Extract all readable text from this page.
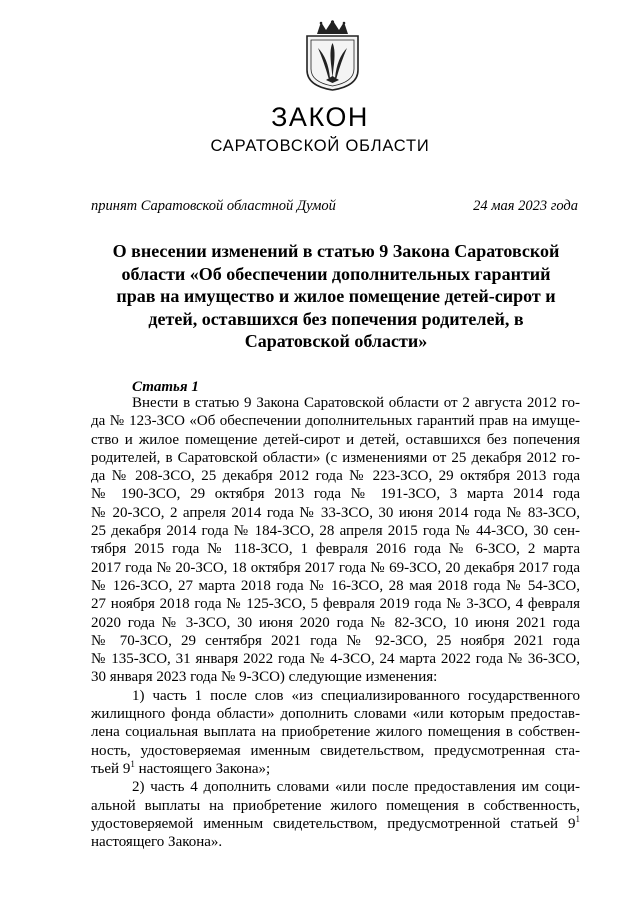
ЗАКОН
САРАТОВСКОЙ ОБЛАСТИ
принят Саратовской областной Думой	24 мая 2023 года
О внесении изменений в статью 9 Закона Саратовской
области «Об обеспечении дополнительных гарантий
прав на имущество и жилое помещение детей-сирот и
детей, оставшихся без попечения родителей, в
Саратовской области»
Статья 1
Внести в статью 9 Закона Саратовской области от 2 августа 2012 го-
да № 123-ЗСО «Об обеспечении дополнительных гарантий прав на имуще-
ство и жилое помещение детей-сирот и детей, оставшихся без попечения
родителей, в Саратовской области» (с изменениями от 25 декабря 2012 го-
да № 208-ЗСО, 25 декабря 2012 года № 223-ЗСО, 29 октября 2013 года
№ 190-ЗСО, 29 октября 2013 года № 191-ЗСО, 3 марта 2014 года
№ 20-ЗСО, 2 апреля 2014 года № 33-ЗСО, 30 июня 2014 года № 83-ЗСО,
25 декабря 2014 года № 184-ЗСО, 28 апреля 2015 года № 44-ЗСО, 30 сен-
тября 2015 года № 118-ЗСО, 1 февраля 2016 года № 6-ЗСО, 2 марта
2017 года № 20-ЗСО, 18 октября 2017 года № 69-ЗСО, 20 декабря 2017 года
№ 126-ЗСО, 27 марта 2018 года № 16-ЗСО, 28 мая 2018 года № 54-ЗСО,
27 ноября 2018 года № 125-ЗСО, 5 февраля 2019 года № 3-ЗСО, 4 февраля
2020 года № 3-ЗСО, 30 июня 2020 года № 82-ЗСО, 10 июня 2021 года
№ 70-ЗСО, 29 сентября 2021 года № 92-ЗСО, 25 ноября 2021 года
№ 135-ЗСО, 31 января 2022 года № 4-ЗСО, 24 марта 2022 года № 36-ЗСО,
30 января 2023 года № 9-ЗСО) следующие изменения:
1) часть 1 после слов «из специализированного государственного
жилищного фонда области» дополнить словами «или которым предостав-
лена социальная выплата на приобретение жилого помещения в собствен-
ность, удостоверяемая именным свидетельством, предусмотренная ста-
тьей $9^1$ настоящего Закона»;
2) часть 4 дополнить словами «или после предоставления им соци-
альной выплаты на приобретение жилого помещения в собственность,
удостоверяемой именным свидетельством, предусмотренной статьей $9^1$
настоящего Закона».
